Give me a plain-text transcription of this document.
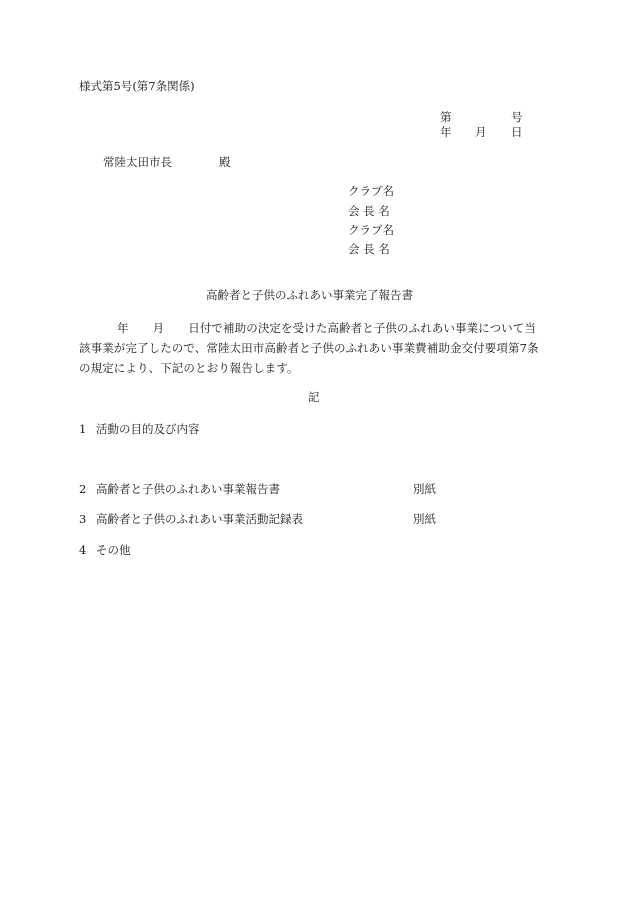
様式第5号(第7条関係)
第	号
年 月 日
常陸太田市長	殿
クラブ名
会 長 名
クラブ名
会 長 名
高齢者と子供のふれあい事業完了報告書

年 月 日付で補助の決定を受けた高齢者と子供のふれあい事業について当

該事業が完了したので、常陸太田市高齢者と子供のふれあい事業費補助金交付要項第7条

の規定により、下記のとおり報告します。

記
1 活動の目的及び内容
2 高齢者と子供のふれあい事業報告書	別紙
3 高齢者と子供のふれあい事業活動記録表	別紙
4 その他
